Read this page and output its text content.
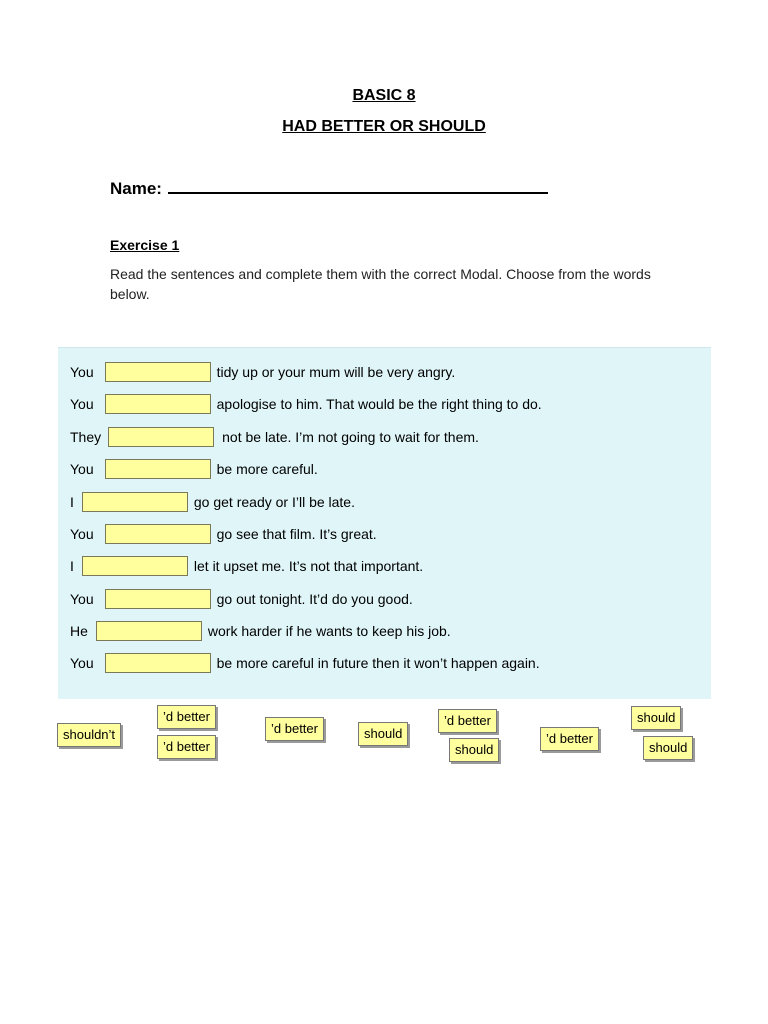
BASIC 8
HAD BETTER OR SHOULD
Name:
Exercise 1
Read the sentences and complete them with the correct Modal. Choose from the words below.
You	tidy up or your mum will be very angry.
You	apologise to him. That would be the right thing to do.
They	not be late. I’m not going to wait for them.
You	be more careful.
I	go get ready or I’ll be late.
You	go see that film. It’s great.
I	let it upset me. It’s not that important.
You	go out tonight. It’d do you good.
He	work harder if he wants to keep his job.
You	be more careful in future then it won’t happen again.
shouldn’t
’d better
’d better
’d better	should
’d better
should
’d better
should
should
